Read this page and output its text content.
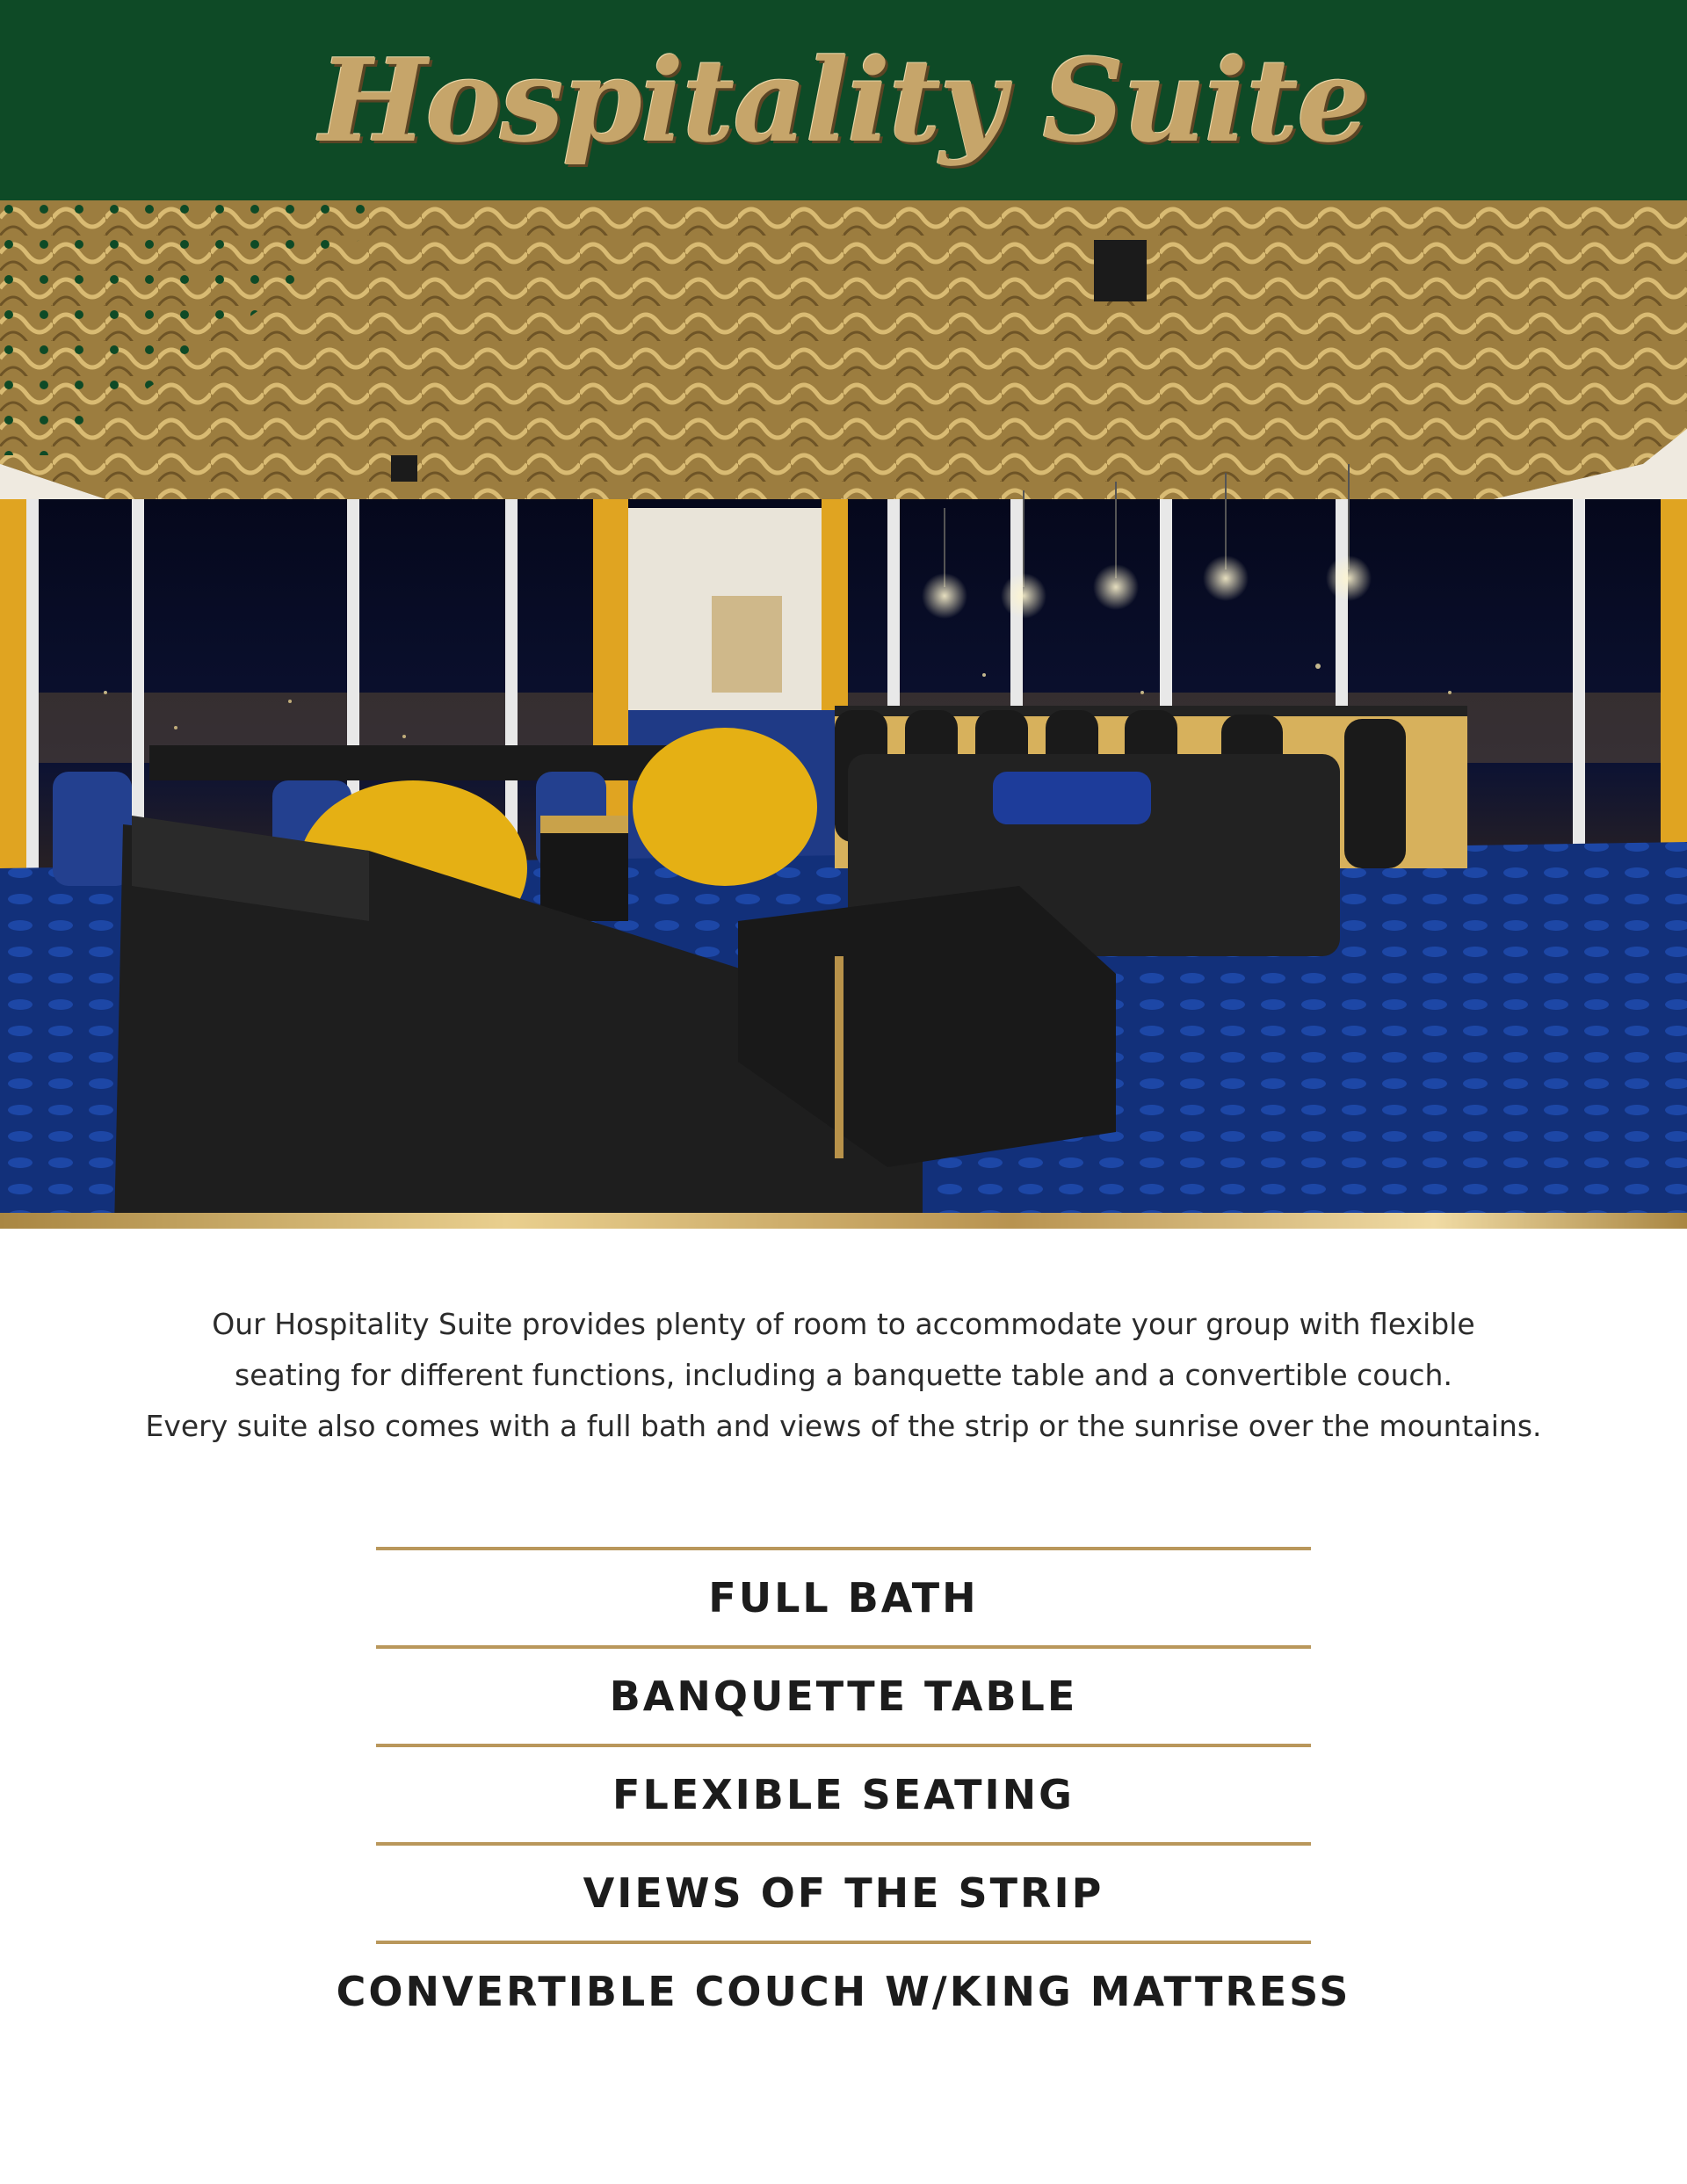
Hospitality Suite

Our Hospitality Suite provides plenty of room to accommodate your group with flexible

seating for different functions, including a banquette table and a convertible couch.

Every suite also comes with a full bath and views of the strip or the sunrise over the mountains.

FULL BATH
BANQUETTE TABLE
FLEXIBLE SEATING
VIEWS OF THE STRIP
CONVERTIBLE COUCH W/KING MATTRESS
